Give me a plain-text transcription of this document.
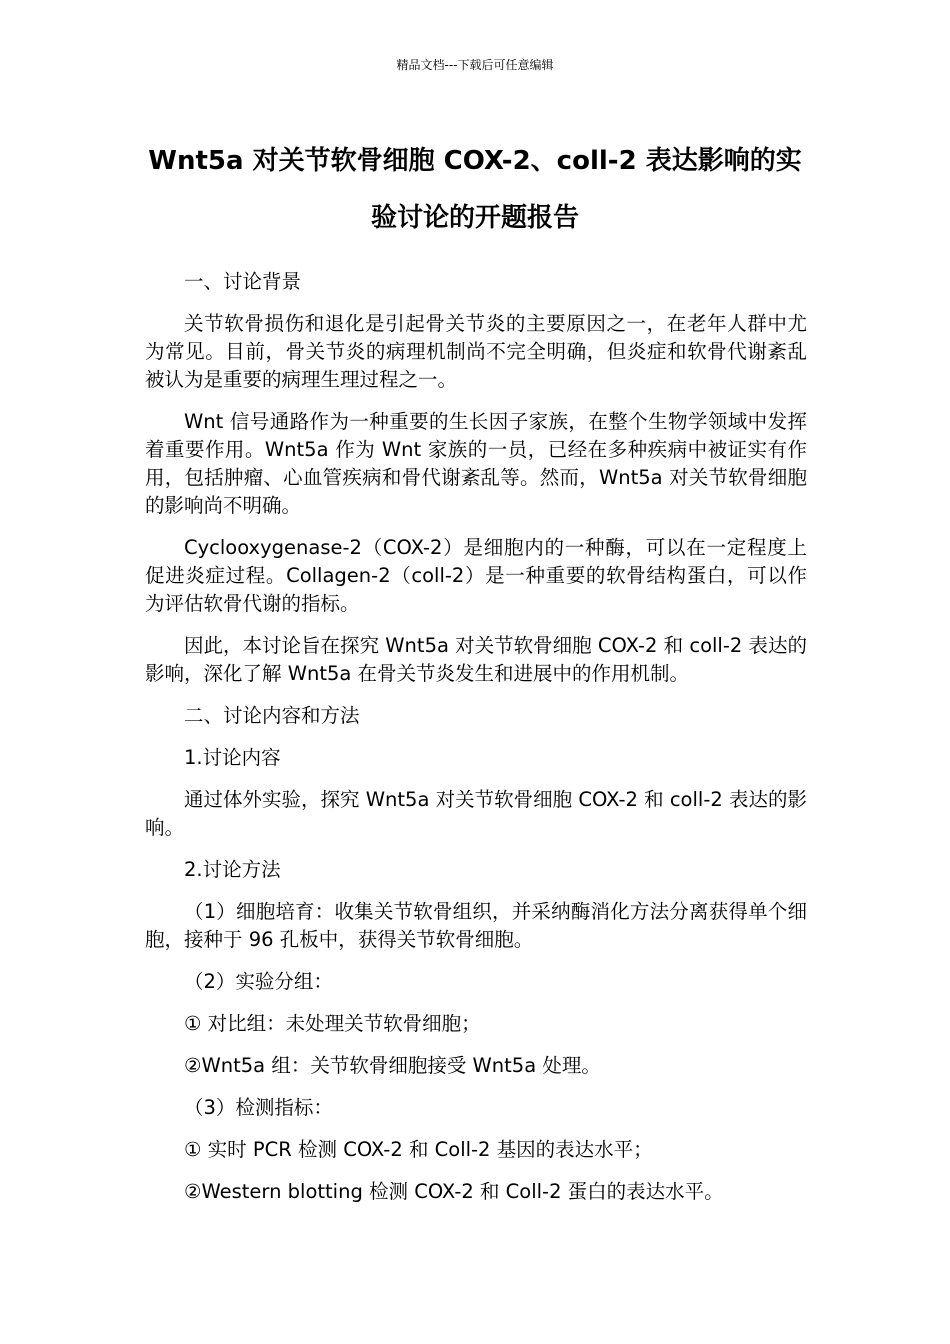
精品文档---下载后可任意编辑
Wnt5a 对关节软骨细胞 COX-2、coll-2 表达影响的实验讨论的开题报告

一、讨论背景

关节软骨损伤和退化是引起骨关节炎的主要原因之一，在老年人群中尤为常见。目前，骨关节炎的病理机制尚不完全明确，但炎症和软骨代谢紊乱被认为是重要的病理生理过程之一。

Wnt 信号通路作为一种重要的生长因子家族，在整个生物学领域中发挥着重要作用。Wnt5a 作为 Wnt 家族的一员，已经在多种疾病中被证实有作用，包括肿瘤、心血管疾病和骨代谢紊乱等。然而，Wnt5a 对关节软骨细胞的影响尚不明确。

Cyclooxygenase-2（COX-2）是细胞内的一种酶，可以在一定程度上促进炎症过程。Collagen-2（coll-2）是一种重要的软骨结构蛋白，可以作为评估软骨代谢的指标。

因此，本讨论旨在探究 Wnt5a 对关节软骨细胞 COX-2 和 coll-2 表达的影响，深化了解 Wnt5a 在骨关节炎发生和进展中的作用机制。

二、讨论内容和方法

1.讨论内容

通过体外实验，探究 Wnt5a 对关节软骨细胞 COX-2 和 coll-2 表达的影响。

2.讨论方法

（1）细胞培育：收集关节软骨组织，并采纳酶消化方法分离获得单个细胞，接种于 96 孔板中，获得关节软骨细胞。

（2）实验分组：

① 对比组：未处理关节软骨细胞；

②Wnt5a 组：关节软骨细胞接受 Wnt5a 处理。

（3）检测指标：

① 实时 PCR 检测 COX-2 和 Coll-2 基因的表达水平；

②Western blotting 检测 COX-2 和 Coll-2 蛋白的表达水平。
